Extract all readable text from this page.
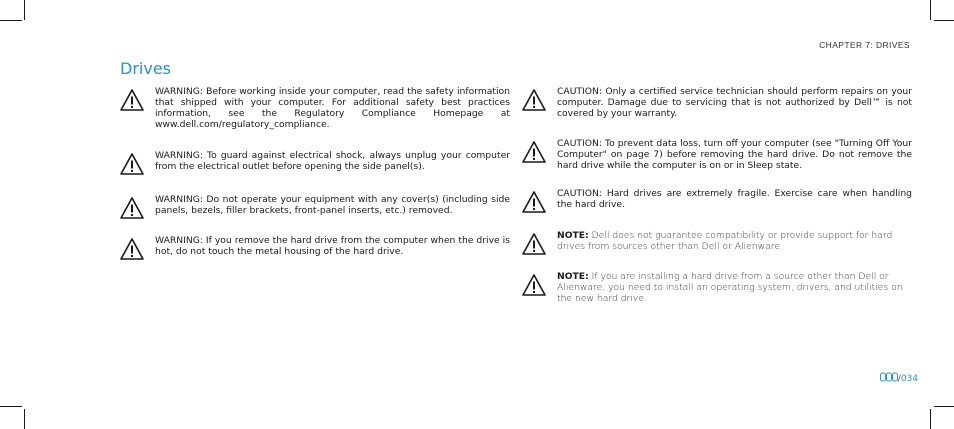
CHAPTER 7: DRIVES
Drives

WARNING: Before working inside your computer, read the safety information that shipped with your computer. For additional safety best practices information, see the Regulatory Compliance Homepage at www.dell.com/regulatory_compliance.

WARNING: To guard against electrical shock, always unplug your computer from the electrical outlet before opening the side panel(s).

WARNING: Do not operate your equipment with any cover(s) (including side panels, bezels, filler brackets, front-panel inserts, etc.) removed.

WARNING: If you remove the hard drive from the computer when the drive is hot, do not touch the metal housing of the hard drive.

CAUTION: Only a certified service technician should perform repairs on your computer. Damage due to servicing that is not authorized by Dell™ is not covered by your warranty.

CAUTION: To prevent data loss, turn off your computer (see "Turning Off Your Computer" on page 7) before removing the hard drive. Do not remove the hard drive while the computer is on or in Sleep state.

CAUTION: Hard drives are extremely fragile. Exercise care when handling the hard drive.

NOTE: Dell does not guarantee compatibility or provide support for hard drives from sources other than Dell or Alienware.

NOTE: If you are installing a hard drive from a source other than Dell or Alienware, you need to install an operating system, drivers, and utilities on the new hard drive.

/034
